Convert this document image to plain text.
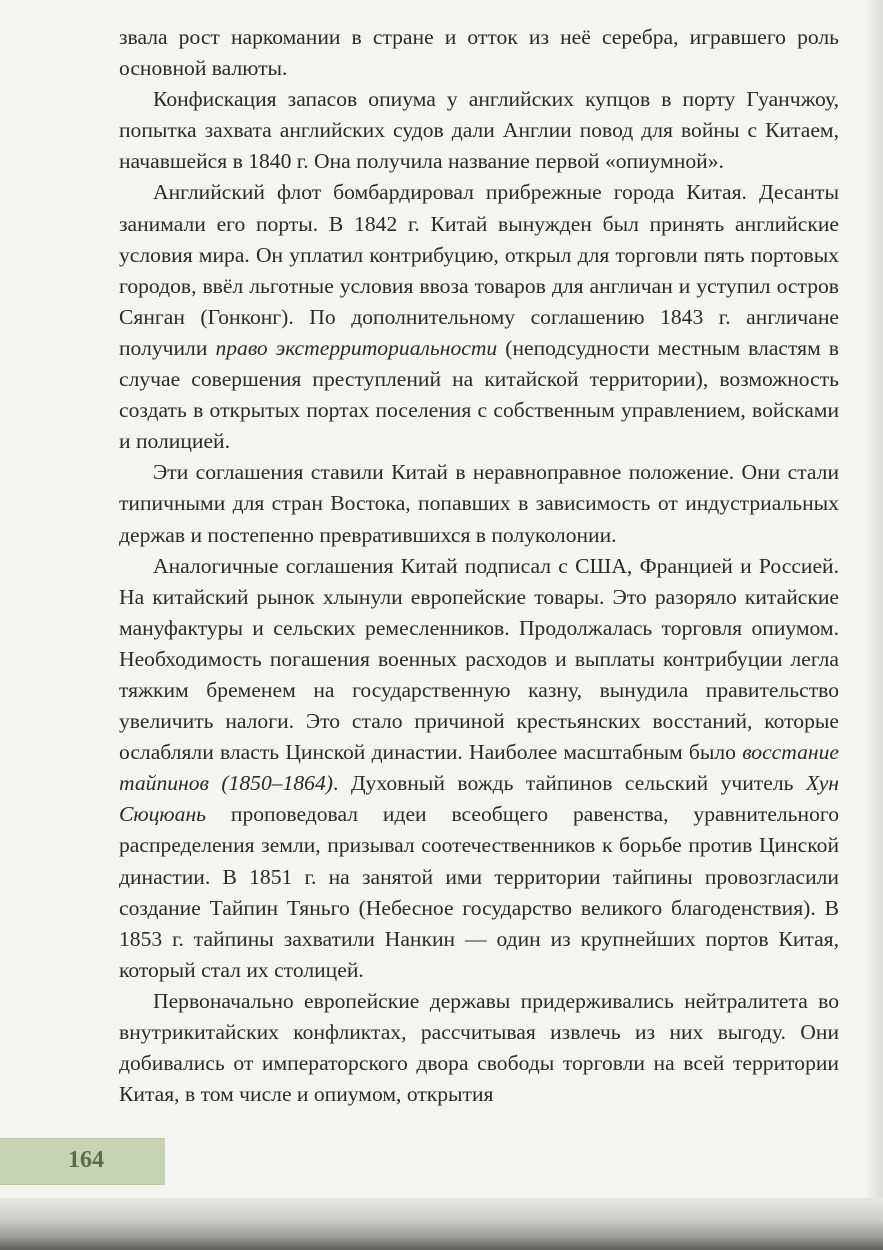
звала рост наркомании в стране и отток из неё серебра, игравшего роль основной валюты.

Конфискация запасов опиума у английских купцов в порту Гуанчжоу, попытка захвата английских судов дали Англии повод для войны с Китаем, начавшейся в 1840 г. Она получила название первой «опиумной».

Английский флот бомбардировал прибрежные города Китая. Десанты занимали его порты. В 1842 г. Китай вынужден был принять английские условия мира. Он уплатил контрибуцию, открыл для торговли пять портовых городов, ввёл льготные условия ввоза товаров для англичан и уступил остров Сянган (Гонконг). По дополнительному соглашению 1843 г. англичане получили право экстерриториальности (неподсудности местным властям в случае совершения преступлений на китайской территории), возможность создать в открытых портах поселения с собственным управлением, войсками и полицией.

Эти соглашения ставили Китай в неравноправное положение. Они стали типичными для стран Востока, попавших в зависимость от индустриальных держав и постепенно превратившихся в полуколонии.

Аналогичные соглашения Китай подписал с США, Францией и Россией. На китайский рынок хлынули европейские товары. Это разоряло китайские мануфактуры и сельских ремесленников. Продолжалась торговля опиумом. Необходимость погашения военных расходов и выплаты контрибуции легла тяжким бременем на государственную казну, вынудила правительство увеличить налоги. Это стало причиной крестьянских восстаний, которые ослабляли власть Цинской династии. Наиболее масштабным было восстание тайпинов (1850–1864). Духовный вождь тайпинов сельский учитель Хун Сюцюань проповедовал идеи всеобщего равенства, уравнительного распределения земли, призывал соотечественников к борьбе против Цинской династии. В 1851 г. на занятой ими территории тайпины провозгласили создание Тайпин Тяньго (Небесное государство великого благоденствия). В 1853 г. тайпины захватили Нанкин — один из крупнейших портов Китая, который стал их столицей.

Первоначально европейские державы придерживались нейтралитета во внутрикитайских конфликтах, рассчитывая извлечь из них выгоду. Они добивались от императорского двора свободы торговли на всей территории Китая, в том числе и опиумом, открытия

164
